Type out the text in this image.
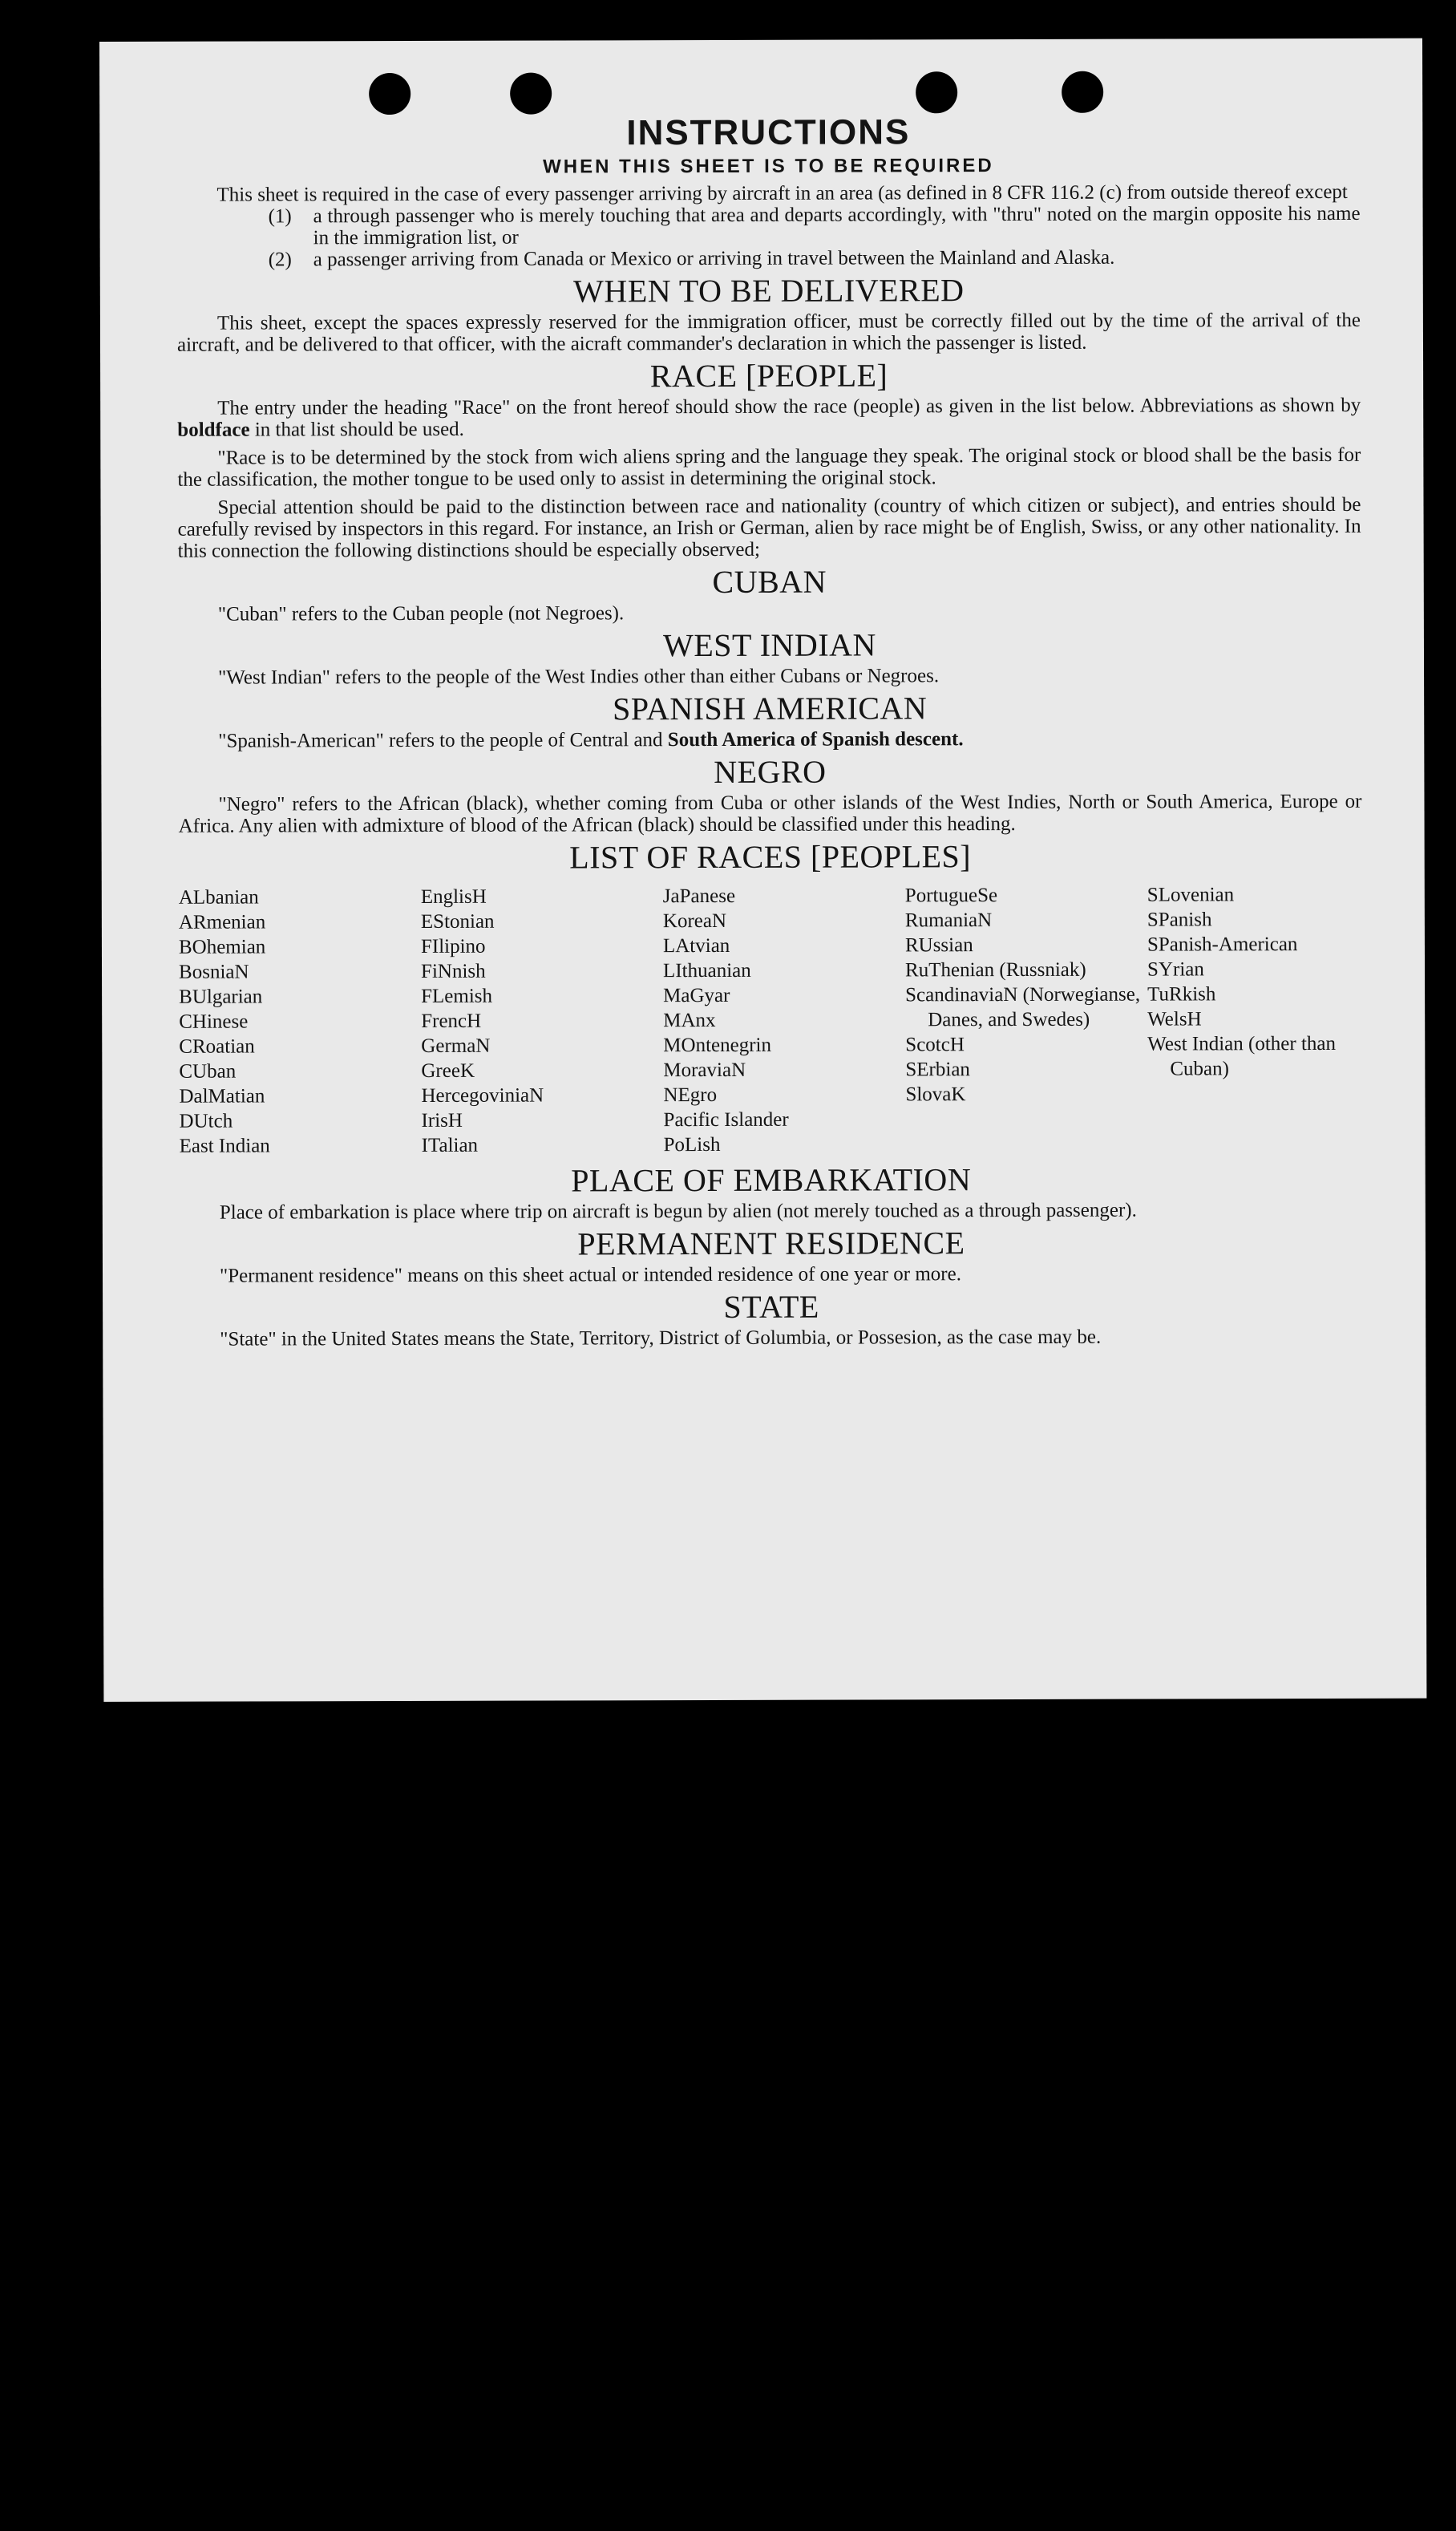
INSTRUCTIONS
WHEN THIS SHEET IS TO BE REQUIRED

This sheet is required in the case of every passenger arriving by aircraft in an area (as defined in 8 CFR 116.2 (c) from outside thereof except

(1)	a through passenger who is merely touching that area and departs accordingly, with "thru" noted on the margin opposite his name in the immigration list, or
(2)	a passenger arriving from Canada or Mexico or arriving in travel between the Mainland and Alaska.
WHEN TO BE DELIVERED

This sheet, except the spaces expressly reserved for the immigration officer, must be correctly filled out by the time of the arrival of the aircraft, and be delivered to that officer, with the aicraft commander's declaration in which the passenger is listed.

RACE [PEOPLE]

The entry under the heading "Race" on the front hereof should show the race (people) as given in the list below. Abbreviations as shown by boldface in that list should be used.

"Race is to be determined by the stock from wich aliens spring and the language they speak. The original stock or blood shall be the basis for the classification, the mother tongue to be used only to assist in determining the original stock.

Special attention should be paid to the distinction between race and nationality (country of which citizen or subject), and entries should be carefully revised by inspectors in this regard. For instance, an Irish or German, alien by race might be of English, Swiss, or any other nationality. In this connection the following distinctions should be especially observed;

CUBAN

"Cuban" refers to the Cuban people (not Negroes).

WEST INDIAN

"West Indian" refers to the people of the West Indies other than either Cubans or Negroes.

SPANISH AMERICAN

"Spanish-American" refers to the people of Central and South America of Spanish descent.

NEGRO

"Negro" refers to the African (black), whether coming from Cuba or other islands of the West Indies, North or South America, Europe or Africa. Any alien with admixture of blood of the African (black) should be classified under this heading.

LIST OF RACES [PEOPLES]
ALbanian
ARmenian
BOhemian
BosniaN
BUlgarian
CHinese
CRoatian
CUban
DalMatian
DUtch
East Indian
EnglisH
EStonian
FIlipino
FiNnish
FLemish
FrencH
GermaN
GreeK
HercegoviniaN
IrisH
ITalian
JaPanese
KoreaN
LAtvian
LIthuanian
MaGyar
MAnx
MOntenegrin
MoraviaN
NEgro
Pacific Islander
PoLish
PortugueSe
RumaniaN
RUssian
RuThenian (Russniak)
ScandinaviaN (Norwegianse, Danes, and Swedes)
ScotcH
SErbian
SlovaK
SLovenian
SPanish
SPanish-American
SYrian
TuRkish
WelsH
West Indian (other than Cuban)
PLACE OF EMBARKATION

Place of embarkation is place where trip on aircraft is begun by alien (not merely touched as a through passenger).

PERMANENT RESIDENCE

"Permanent residence" means on this sheet actual or intended residence of one year or more.

STATE

"State" in the United States means the State, Territory, District of Golumbia, or Possesion, as the case may be.
